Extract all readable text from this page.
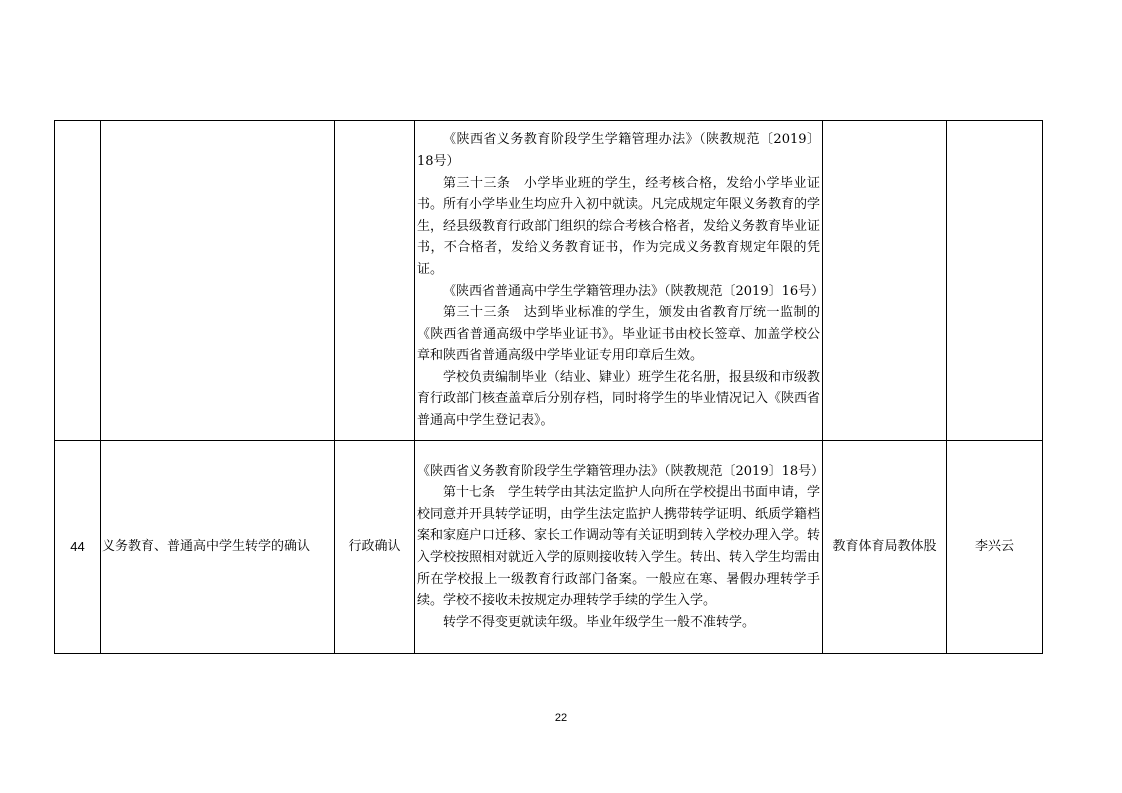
			《陕西省义务教育阶段学生学籍管理办法》（陕教规范〔2019〕18号）

第三十三条　小学毕业班的学生，经考核合格，发给小学毕业证书。所有小学毕业生均应升入初中就读。凡完成规定年限义务教育的学生，经县级教育行政部门组织的综合考核合格者，发给义务教育毕业证书，不合格者，发给义务教育证书，作为完成义务教育规定年限的凭证。

《陕西省普通高中学生学籍管理办法》（陕教规范〔2019〕16号）

第三十三条　达到毕业标准的学生，颁发由省教育厅统一监制的《陕西省普通高级中学毕业证书》。毕业证书由校长签章、加盖学校公章和陕西省普通高级中学毕业证专用印章后生效。

学校负责编制毕业（结业、肄业）班学生花名册，报县级和市级教育行政部门核查盖章后分别存档，同时将学生的毕业情况记入《陕西省普通高中学生登记表》。		

44	义务教育、普通高中学生转学的确认	行政确认	《陕西省义务教育阶段学生学籍管理办法》（陕教规范〔2019〕18号）

第十七条　学生转学由其法定监护人向所在学校提出书面申请，学校同意并开具转学证明，由学生法定监护人携带转学证明、纸质学籍档案和家庭户口迁移、家长工作调动等有关证明到转入学校办理入学。转入学校按照相对就近入学的原则接收转入学生。转出、转入学生均需由所在学校报上一级教育行政部门备案。一般应在寒、暑假办理转学手续。学校不接收未按规定办理转学手续的学生入学。

转学不得变更就读年级。毕业年级学生一般不准转学。	教育体育局教体股	李兴云
22
